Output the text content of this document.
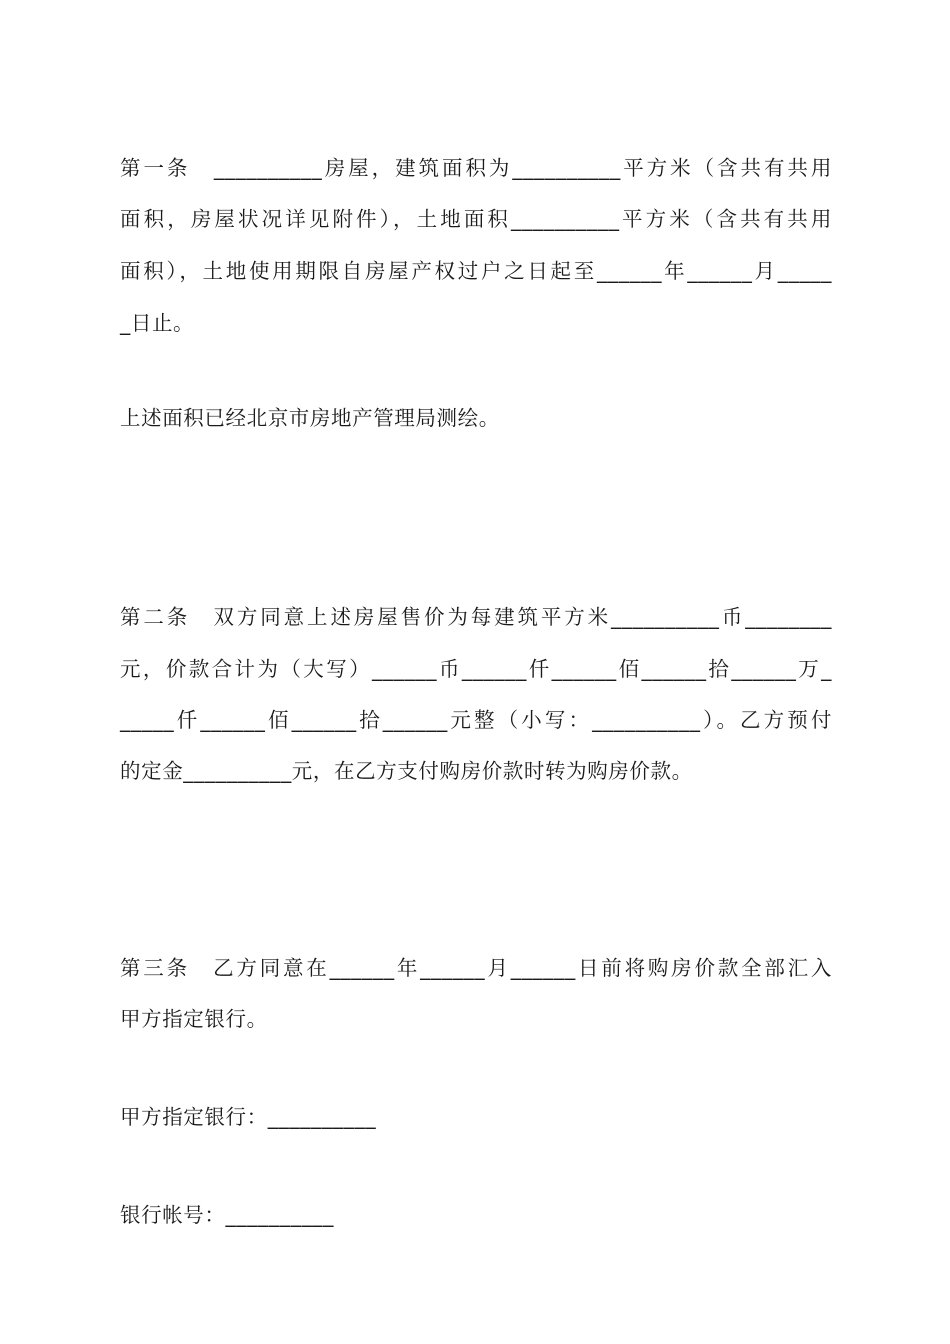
第一条　__________房屋，建筑面积为__________平方米（含共有共用
面积，房屋状况详见附件），土地面积__________平方米（含共有共用
面积），土地使用期限自房屋产权过户之日起至______年______月_____
_日止。
上述面积已经北京市房地产管理局测绘。
第二条　双方同意上述房屋售价为每建筑平方米__________币________
元，价款合计为（大写）______币______仟______佰______拾______万_
_____仟______佰______拾______元整（小写：__________）。乙方预付
的定金__________元，在乙方支付购房价款时转为购房价款。
第三条　乙方同意在______年______月______日前将购房价款全部汇入
甲方指定银行。
甲方指定银行：__________
银行帐号：__________
